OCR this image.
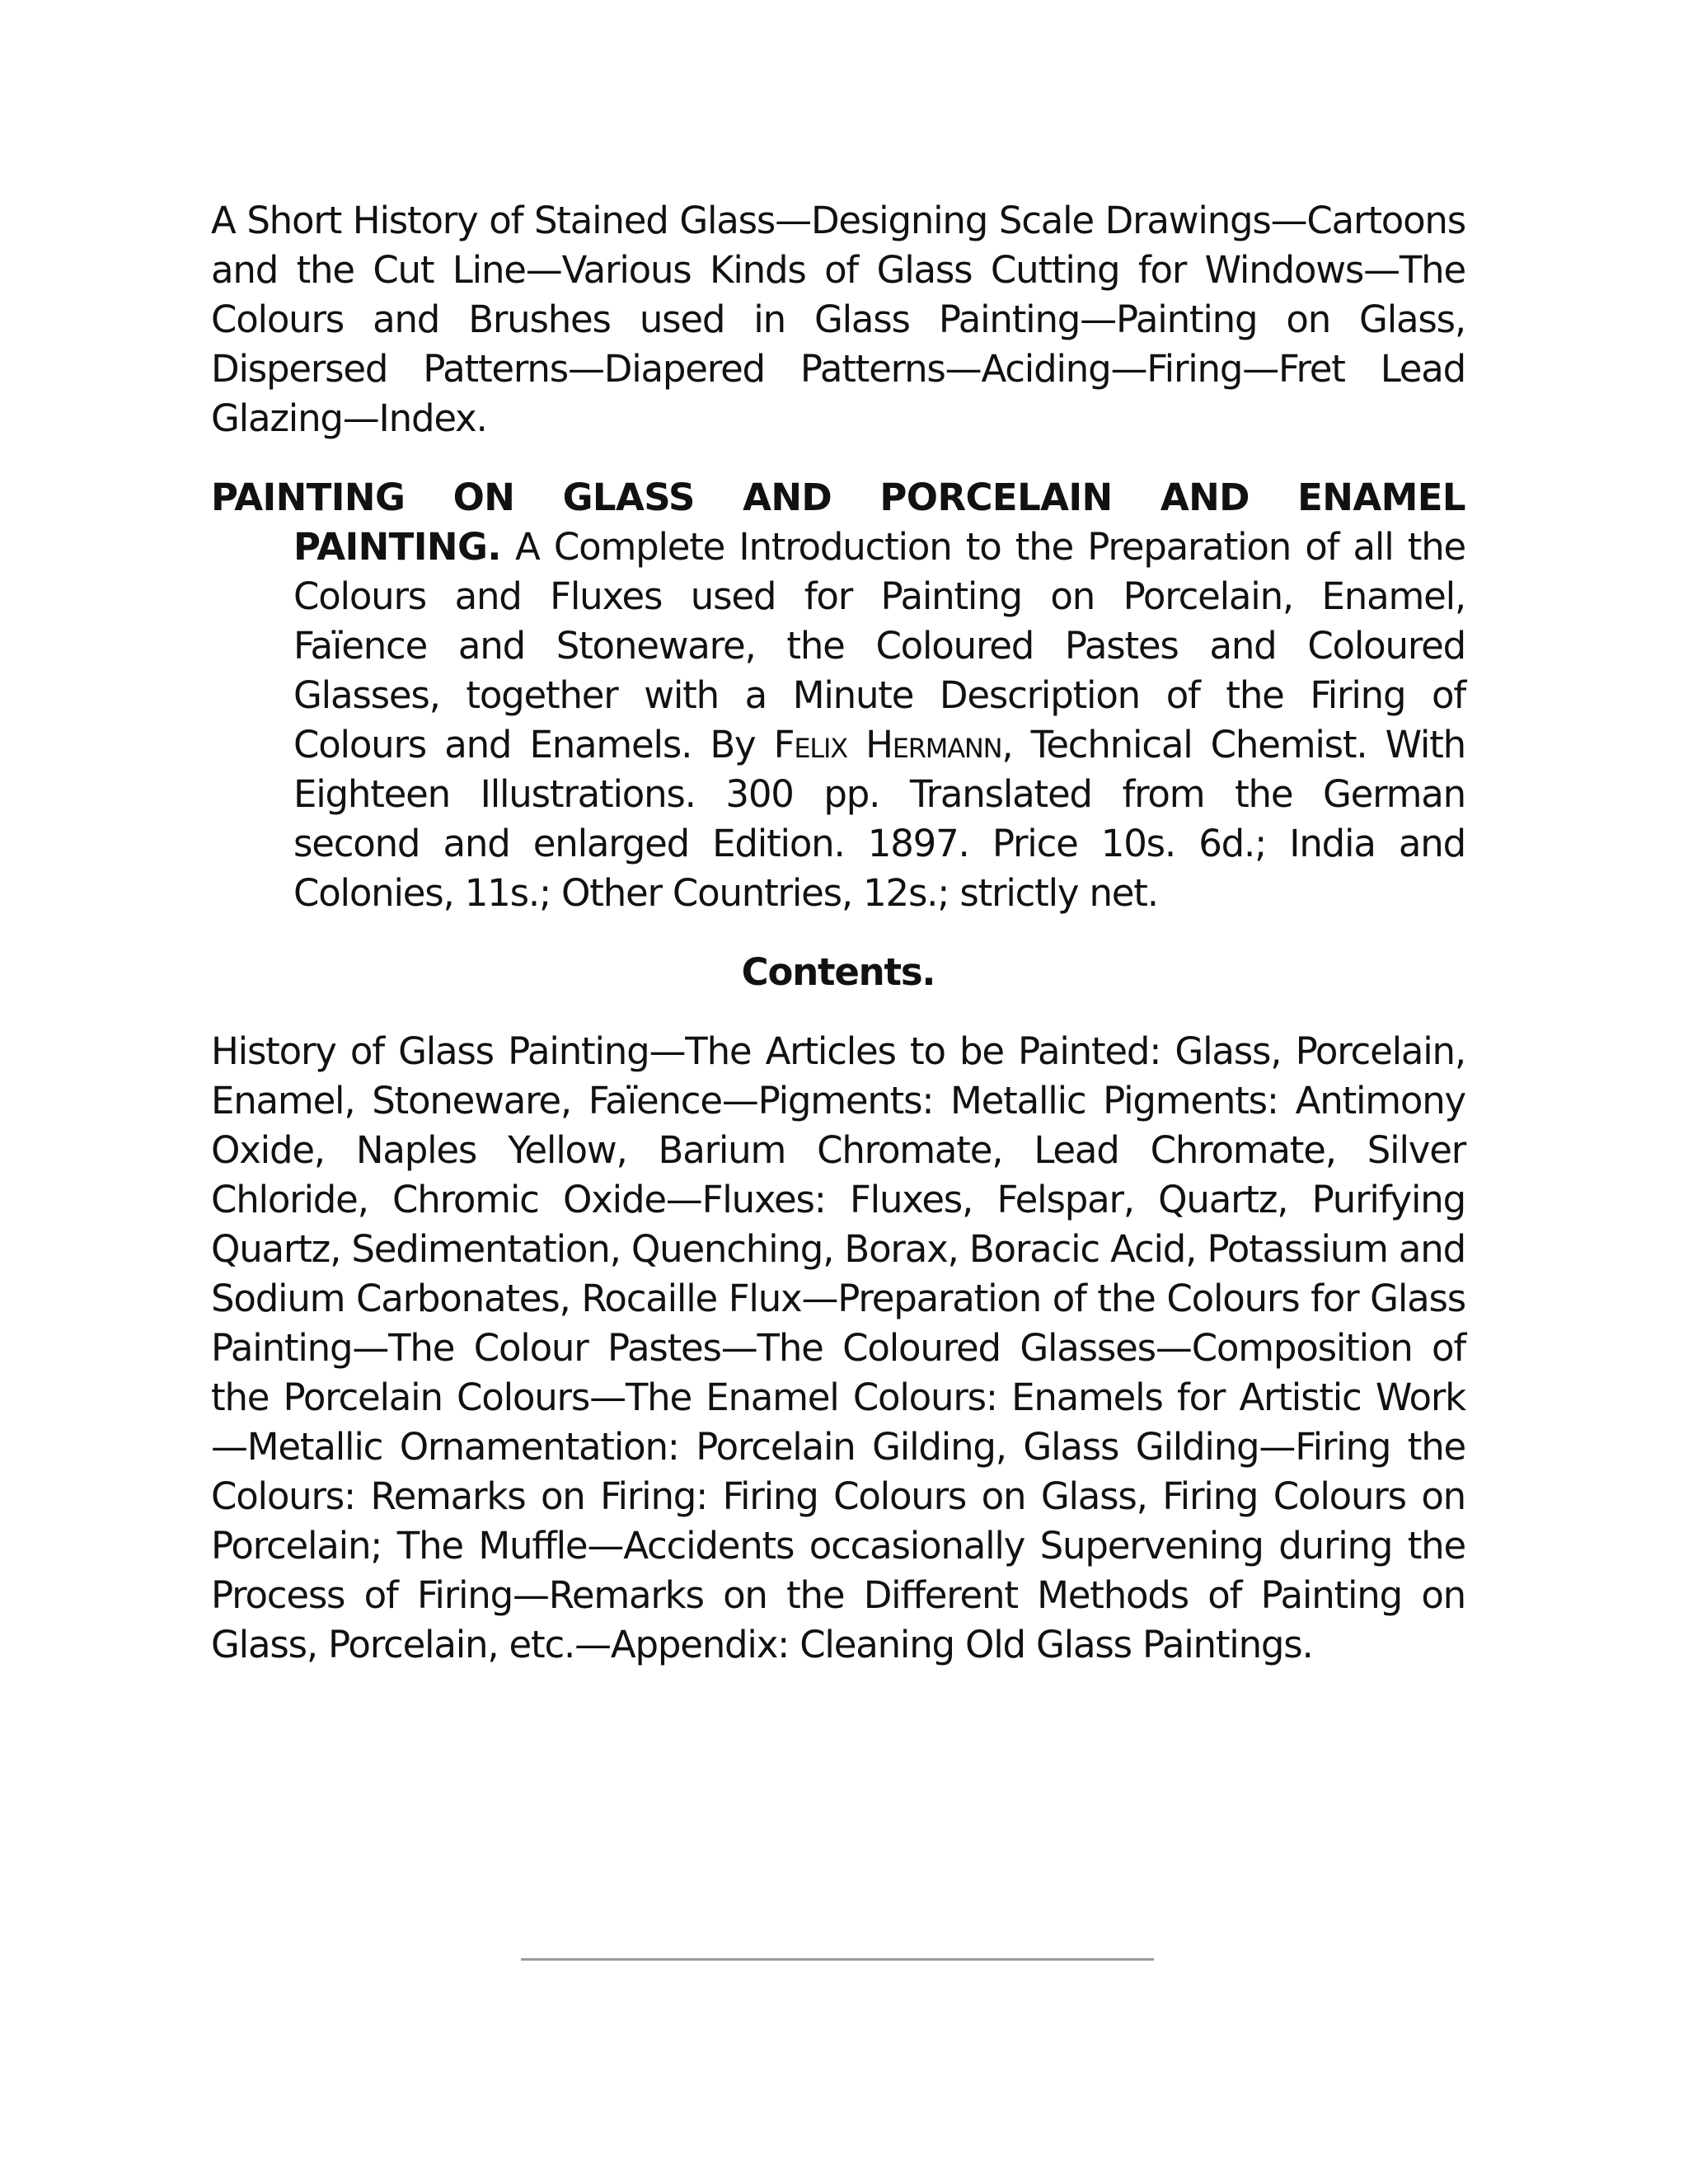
A Short History of Stained Glass—Designing Scale Drawings—Cartoons and the Cut Line—Various Kinds of Glass Cutting for Windows—The Colours and Brushes used in Glass Painting—Painting on Glass, Dispersed Patterns—Diapered Patterns—Aciding—Firing—Fret Lead Glazing—Index.

PAINTING ON GLASS AND PORCELAIN AND ENAMEL PAINTING. A Complete Introduction to the Preparation of all the Colours and Fluxes used for Painting on Porcelain, Enamel, Faïence and Stoneware, the Coloured Pastes and Coloured Glasses, together with a Minute Description of the Firing of Colours and Enamels. By Felix Hermann, Technical Chemist. With Eighteen Illustrations. 300 pp. Translated from the German second and enlarged Edition. 1897. Price 10s. 6d.; India and Colonies, 11s.; Other Countries, 12s.; strictly net.

Contents.

History of Glass Painting—The Articles to be Painted: Glass, Porcelain, Enamel, Stoneware, Faïence—Pigments: Metallic Pigments: Antimony Oxide, Naples Yellow, Barium Chromate, Lead Chromate, Silver Chloride, Chromic Oxide—Fluxes: Fluxes, Felspar, Quartz, Purifying Quartz, Sedimentation, Quenching, Borax, Boracic Acid, Potassium and Sodium Carbonates, Rocaille Flux—Preparation of the Colours for Glass Painting—The Colour Pastes—The Coloured Glasses—Composition of the Porcelain Colours—The Enamel Colours: Enamels for Artistic Work—Metallic Ornamentation: Porcelain Gilding, Glass Gilding—Firing the Colours: Remarks on Firing: Firing Colours on Glass, Firing Colours on Porcelain; The Muffle—Accidents occasionally Supervening during the Process of Firing—Remarks on the Different Methods of Painting on Glass, Porcelain, etc.—Appendix: Cleaning Old Glass Paintings.
